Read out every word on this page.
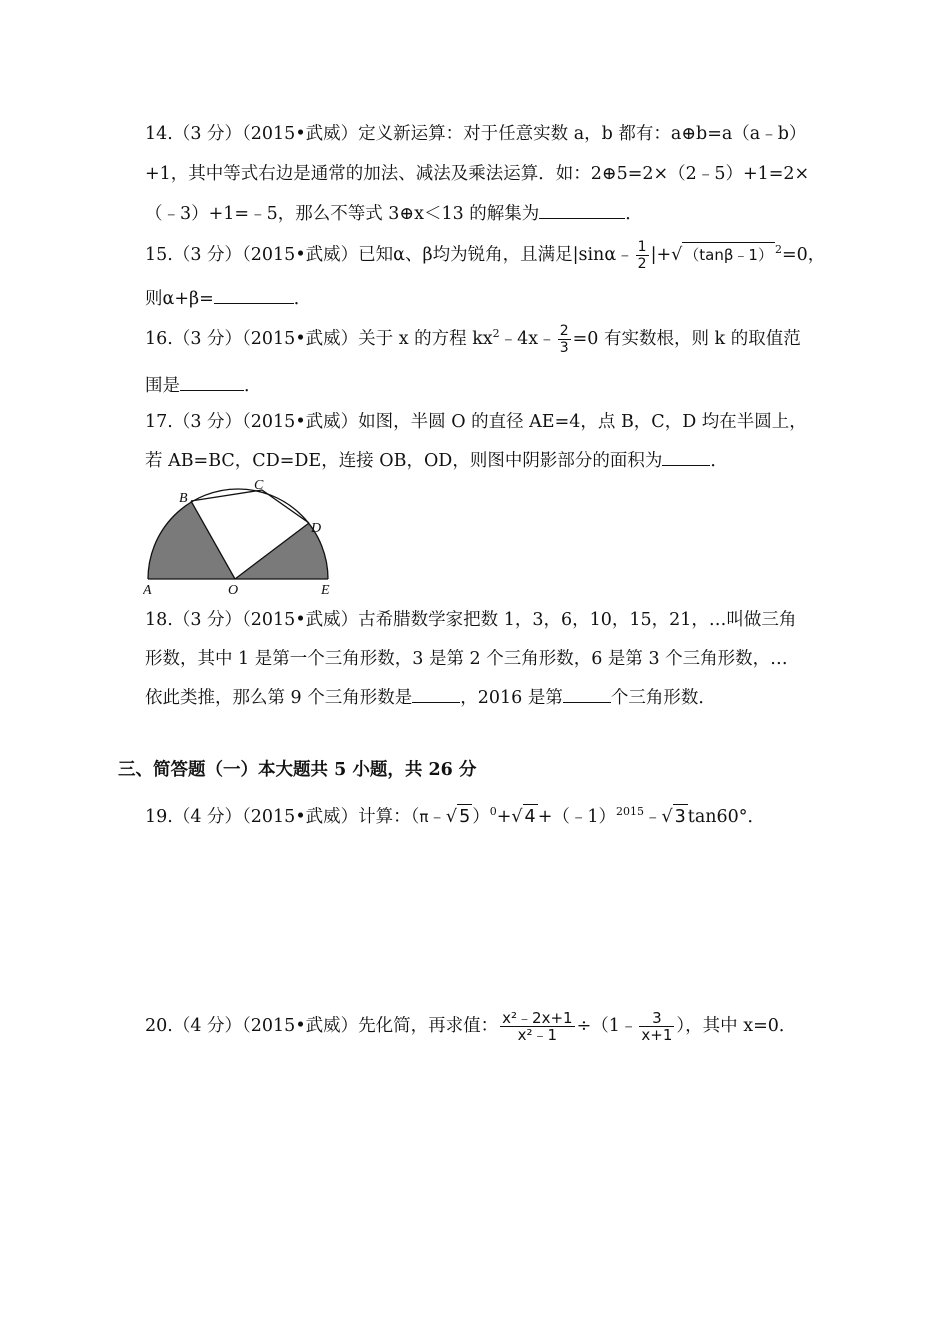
14.（3 分）（2015•武威）定义新运算：对于任意实数 a，b 都有：a⊕b=a（a﹣b）
+1，其中等式右边是通常的加法、减法及乘法运算．如：2⊕5=2×（2﹣5）+1=2×
（﹣3）+1=﹣5，那么不等式 3⊕x＜13 的解集为	．
15.（3 分）（2015•武威）已知α、β均为锐角，且满足|sinα﹣ $\frac{1}{2}$ |+√ （tanβ﹣1） $^2$=0，
则α+β=	．
16.（3 分）（2015•武威）关于 x 的方程 $kx^2﹣4x﹣ \frac{2}{3} =0$ 有实数根，则 k 的取值范
围是	．
17.（3 分）（2015•武威）如图，半圆 O 的直径 AE=4，点 B，C，D 均在半圆上，
若 AB=BC，CD=DE，连接 OB，OD，则图中阴影部分的面积为	．
A
B
C
D
E
O
18.（3 分）（2015•武威）古希腊数学家把数 1，3，6，10，15，21，…叫做三角
形数，其中 1 是第一个三角形数，3 是第 2 个三角形数，6 是第 3 个三角形数，…
依此类推，那么第 9 个三角形数是	，2016 是第	个三角形数．
三、简答题（一）本大题共 5 小题，共 26 分
19.（4 分）（2015•武威）计算：（π﹣√ 5 ）$^0$+√ 4 +（﹣1）$^{2015}$﹣√ 3 tan60°．
20.（4 分）（2015•武威）先化简，再求值： $\frac{\text{x²﹣2x+1}}{\text{x²﹣1}}$ ÷（1﹣ $\frac{3}{x+1}$ ），其中 x=0．
